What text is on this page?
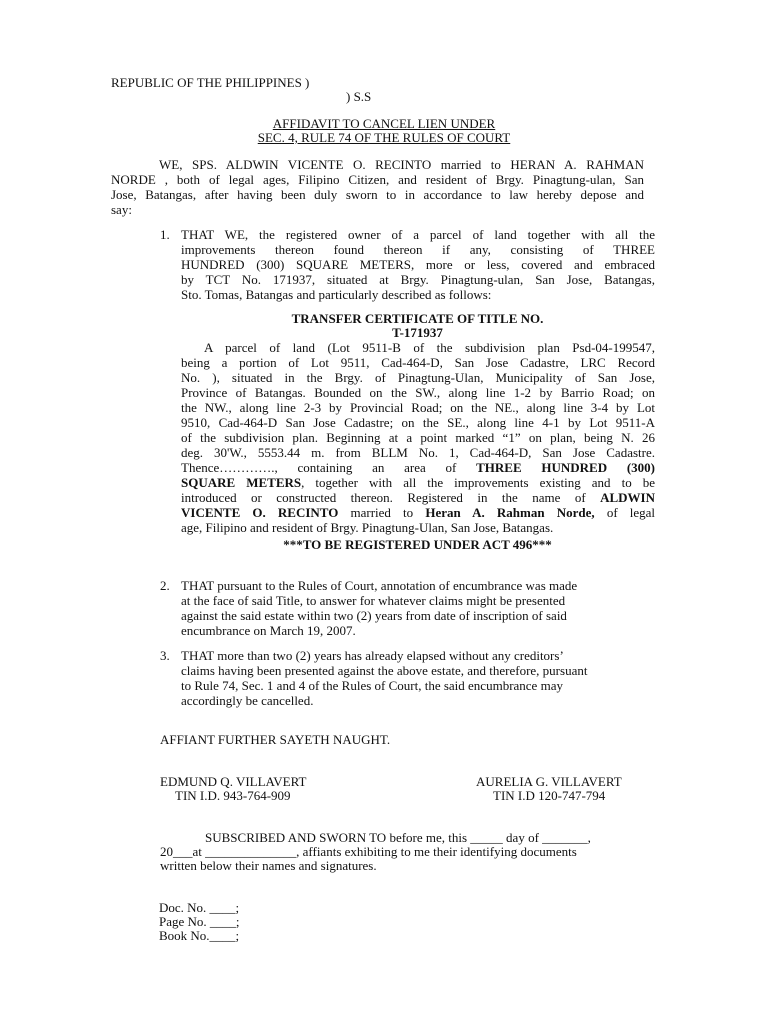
REPUBLIC OF THE PHILIPPINES )
) S.S
AFFIDAVIT TO CANCEL LIEN UNDER
SEC. 4, RULE 74 OF THE RULES OF COURT
WE, SPS. ALDWIN VICENTE O. RECINTO married to HERAN A. RAHMAN
NORDE , both of legal ages, Filipino Citizen, and resident of Brgy. Pinagtung-ulan, San
Jose, Batangas, after having been duly sworn to in accordance to law hereby depose and
say:
1. THAT WE, the registered owner of a parcel of land together with all the
improvements thereon found thereon if any, consisting of THREE
HUNDRED (300) SQUARE METERS, more or less, covered and embraced
by TCT No. 171937, situated at Brgy. Pinagtung-ulan, San Jose, Batangas,
Sto. Tomas, Batangas and particularly described as follows:
TRANSFER CERTIFICATE OF TITLE NO.
T-171937
A parcel of land (Lot 9511-B of the subdivision plan Psd-04-199547,
being a portion of Lot 9511, Cad-464-D, San Jose Cadastre, LRC Record
No. ), situated in the Brgy. of Pinagtung-Ulan, Municipality of San Jose,
Province of Batangas. Bounded on the SW., along line 1-2 by Barrio Road; on
the NW., along line 2-3 by Provincial Road; on the NE., along line 3-4 by Lot
9510, Cad-464-D San Jose Cadastre; on the SE., along line 4-1 by Lot 9511-A
of the subdivision plan. Beginning at a point marked “1” on plan, being N. 26
deg. 30'W., 5553.44 m. from BLLM No. 1, Cad-464-D, San Jose Cadastre.
Thence…………., containing an area of THREE HUNDRED (300)
SQUARE METERS, together with all the improvements existing and to be
introduced or constructed thereon. Registered in the name of ALDWIN
VICENTE O. RECINTO married to Heran A. Rahman Norde, of legal
age, Filipino and resident of Brgy. Pinagtung-Ulan, San Jose, Batangas.
***TO BE REGISTERED UNDER ACT 496***
2. THAT pursuant to the Rules of Court, annotation of encumbrance was made
at the face of said Title, to answer for whatever claims might be presented
against the said estate within two (2) years from date of inscription of said
encumbrance on March 19, 2007.
3. THAT more than two (2) years has already elapsed without any creditors’
claims having been presented against the above estate, and therefore, pursuant
to Rule 74, Sec. 1 and 4 of the Rules of Court, the said encumbrance may
accordingly be cancelled.
AFFIANT FURTHER SAYETH NAUGHT.
EDMUND Q. VILLAVERT
TIN I.D. 943-764-909
AURELIA G. VILLAVERT
TIN I.D 120-747-794
SUBSCRIBED AND SWORN TO before me, this _____ day of _______,
20___at ______________, affiants exhibiting to me their identifying documents
written below their names and signatures.
Doc. No. ____;
Page No. ____;
Book No.____;
